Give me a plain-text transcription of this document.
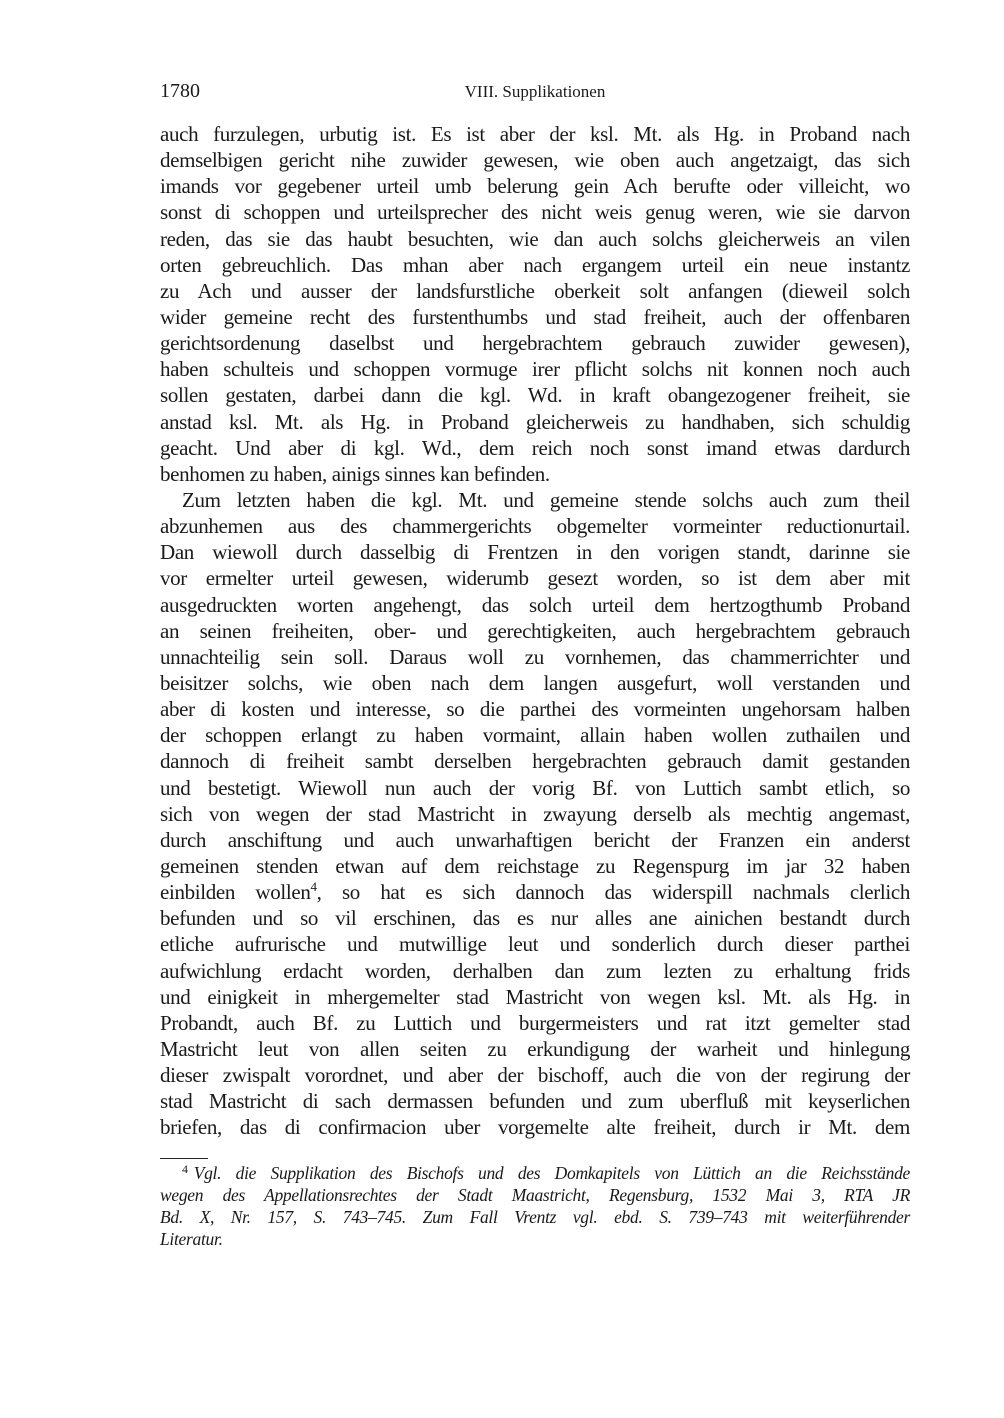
1780	VIII. Supplikationen
auch furzulegen, urbutig ist. Es ist aber der ksl. Mt. als Hg. in Proband nach
demselbigen gericht nihe zuwider gewesen, wie oben auch angetzaigt, das sich
imands vor gegebener urteil umb belerung gein Ach berufte oder villeicht, wo
sonst di schoppen und urteilsprecher des nicht weis genug weren, wie sie darvon
reden, das sie das haubt besuchten, wie dan auch solchs gleicherweis an vilen
orten gebreuchlich. Das mhan aber nach ergangem urteil ein neue instantz
zu Ach und ausser der landsfurstliche oberkeit solt anfangen (dieweil solch
wider gemeine recht des furstenthumbs und stad freiheit, auch der offenbaren
gerichtsordenung daselbst und hergebrachtem gebrauch zuwider gewesen),
haben schulteis und schoppen vormuge irer pflicht solchs nit konnen noch auch
sollen gestaten, darbei dann die kgl. Wd. in kraft obangezogener freiheit, sie
anstad ksl. Mt. als Hg. in Proband gleicherweis zu handhaben, sich schuldig
geacht. Und aber di kgl. Wd., dem reich noch sonst imand etwas dardurch
benhomen zu haben, ainigs sinnes kan befinden.
Zum letzten haben die kgl. Mt. und gemeine stende solchs auch zum theil
abzunhemen aus des chammergerichts obgemelter vormeinter reductionurtail.
Dan wiewoll durch dasselbig di Frentzen in den vorigen standt, darinne sie
vor ermelter urteil gewesen, widerumb gesezt worden, so ist dem aber mit
ausgedruckten worten angehengt, das solch urteil dem hertzogthumb Proband
an seinen freiheiten, ober- und gerechtigkeiten, auch hergebrachtem gebrauch
unnachteilig sein soll. Daraus woll zu vornhemen, das chammerrichter und
beisitzer solchs, wie oben nach dem langen ausgefurt, woll verstanden und
aber di kosten und interesse, so die parthei des vormeinten ungehorsam halben
der schoppen erlangt zu haben vormaint, allain haben wollen zuthailen und
dannoch di freiheit sambt derselben hergebrachten gebrauch damit gestanden
und bestetigt. Wiewoll nun auch der vorig Bf. von Luttich sambt etlich, so
sich von wegen der stad Mastricht in zwayung derselb als mechtig angemast,
durch anschiftung und auch unwarhaftigen bericht der Franzen ein anderst
gemeinen stenden etwan auf dem reichstage zu Regenspurg im jar 32 haben
einbilden wollen$^4$, so hat es sich dannoch das widerspill nachmals clerlich
befunden und so vil erschinen, das es nur alles ane ainichen bestandt durch
etliche aufrurische und mutwillige leut und sonderlich durch dieser parthei
aufwichlung erdacht worden, derhalben dan zum lezten zu erhaltung frids
und einigkeit in mhergemelter stad Mastricht von wegen ksl. Mt. als Hg. in
Probandt, auch Bf. zu Luttich und burgermeisters und rat itzt gemelter stad
Mastricht leut von allen seiten zu erkundigung der warheit und hinlegung
dieser zwispalt vorordnet, und aber der bischoff, auch die von der regirung der
stad Mastricht di sach dermassen befunden und zum uberfluß mit keyserlichen
briefen, das di confirmacion uber vorgemelte alte freiheit, durch ir Mt. dem
$^4$ Vgl. die Supplikation des Bischofs und des Domkapitels von Lüttich an die Reichsstände
wegen des Appellationsrechtes der Stadt Maastricht, Regensburg, 1532 Mai 3, RTA JR
Bd. X, Nr. 157, S. 743–745. Zum Fall Vrentz vgl. ebd. S. 739–743 mit weiterführender
Literatur.
